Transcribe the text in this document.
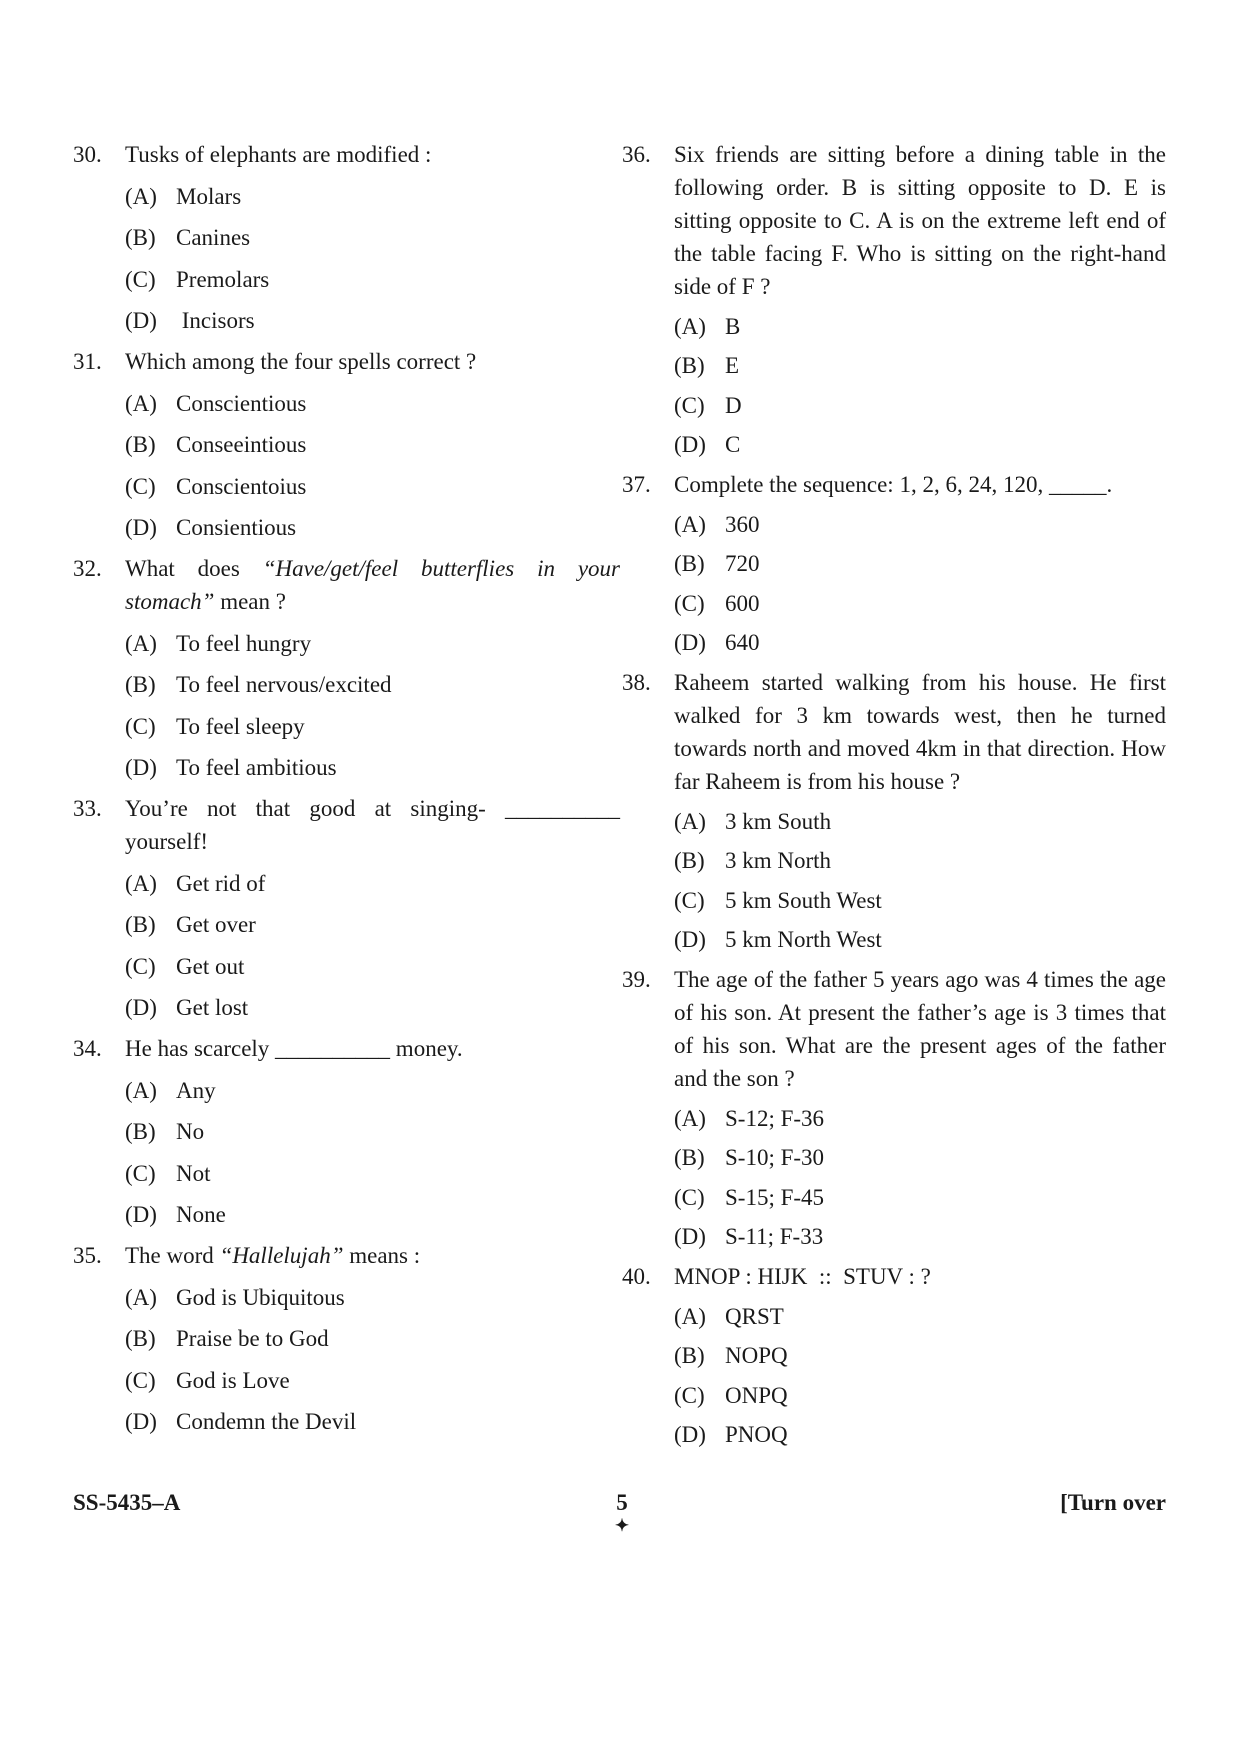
30.	Tusks of elephants are modified :
(A) Molars
(B) Canines
(C) Premolars
(D) Incisors
31.	Which among the four spells correct ?
(A) Conscientious
(B) Conseeintious
(C) Conscientoius
(D) Consientious
32.	What does “Have/get/feel butterflies in your stomach” mean ?
(A) To feel hungry
(B) To feel nervous/excited
(C) To feel sleepy
(D) To feel ambitious
33.	You’re not that good at singing- __________ yourself!
(A) Get rid of
(B) Get over
(C) Get out
(D) Get lost
34.	He has scarcely __________ money.
(A) Any
(B) No
(C) Not
(D) None
35.	The word “Hallelujah” means :
(A) God is Ubiquitous
(B) Praise be to God
(C) God is Love
(D) Condemn the Devil
36.	Six friends are sitting before a dining table in the following order. B is sitting opposite to D. E is sitting opposite to C. A is on the extreme left end of the table facing F. Who is sitting on the right-hand side of F ?
(A) B
(B) E
(C) D
(D) C
37.	Complete the sequence: 1, 2, 6, 24, 120, _____.
(A) 360
(B) 720
(C) 600
(D) 640
38.	Raheem started walking from his house. He first walked for 3 km towards west, then he turned towards north and moved 4km in that direction. How far Raheem is from his house ?
(A) 3 km South
(B) 3 km North
(C) 5 km South West
(D) 5 km North West
39.	The age of the father 5 years ago was 4 times the age of his son. At present the father’s age is 3 times that of his son. What are the present ages of the father and the son ?
(A) S-12; F-36
(B) S-10; F-30
(C) S-15; F-45
(D) S-11; F-33
40.	MNOP : HIJK  ::  STUV : ?
(A) QRST
(B) NOPQ
(C) ONPQ
(D) PNOQ
SS-5435–A	5
✦
[Turn over
